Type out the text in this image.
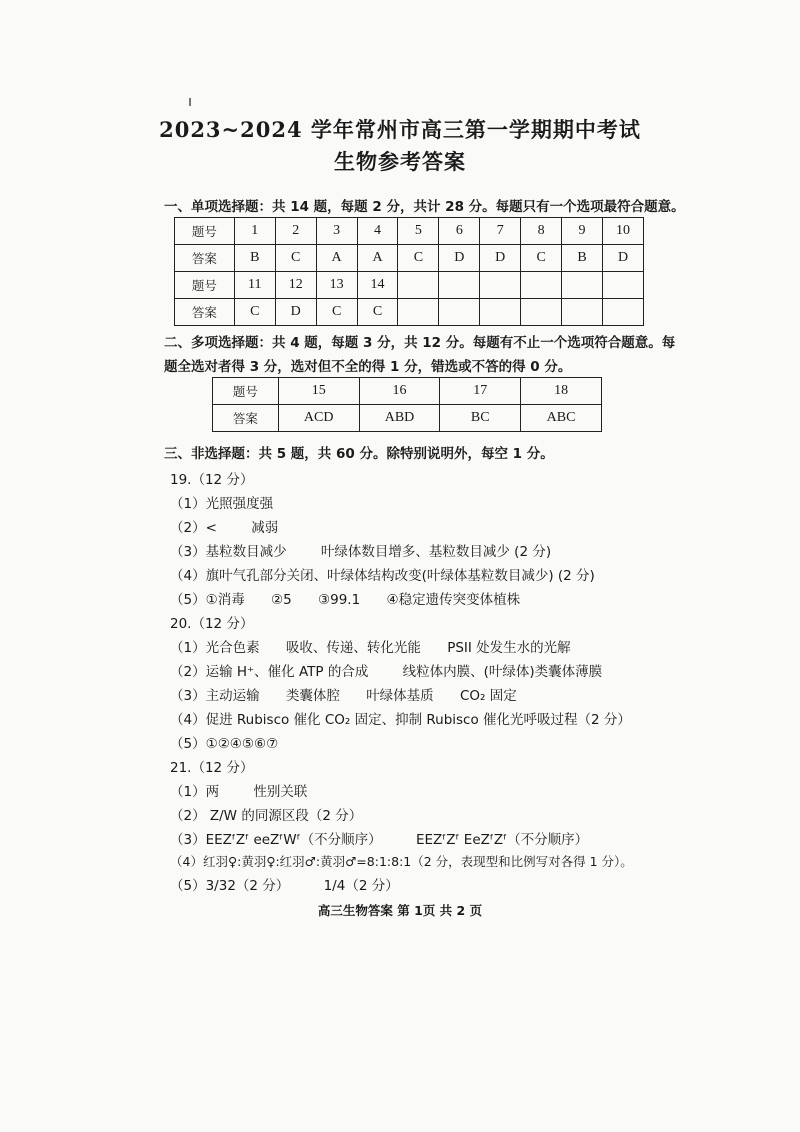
2023~2024 学年常州市高三第一学期期中考试
生物参考答案
一、单项选择题：共 14 题，每题 2 分，共计 28 分。每题只有一个选项最符合题意。
题号	1	2	3	4	5	6	7	8	9	10
答案	B	C	A	A	C	D	D	C	B	D
题号	11	12	13	14						
答案	C	D	C	C						
二、多项选择题：共 4 题，每题 3 分，共 12 分。每题有不止一个选项符合题意。每
题全选对者得 3 分，选对但不全的得 1 分，错选或不答的得 0 分。
题号	15	16	17	18
答案	ACD	ABD	BC	ABC
三、非选择题：共 5 题，共 60 分。除特别说明外，每空 1 分。
19.（12 分）
（1）光照强度强
（2）<	减弱
（3）基粒数目减少	叶绿体数目增多、基粒数目减少 (2 分)
（4）旗叶气孔部分关闭、叶绿体结构改变(叶绿体基粒数目减少) (2 分)
（5）①消毒 ②5 ③99.1 ④稳定遗传突变体植株
20.（12 分）
（1）光合色素 吸收、传递、转化光能 PSII 处发生水的光解
（2）运输 H⁺、催化 ATP 的合成	线粒体内膜、(叶绿体)类囊体薄膜
（3）主动运输 类囊体腔 叶绿体基质 CO₂ 固定
（4）促进 Rubisco 催化 CO₂ 固定、抑制 Rubisco 催化光呼吸过程（2 分）
（5）①②④⑤⑥⑦
21.（12 分）
（1）两	性别关联
（2） Z/W 的同源区段（2 分）
（3）EEZᶠZᶠ eeZᶠWᶠ（不分顺序）	EEZᶠZᶠ EeZᶠZᶠ（不分顺序）
（4）红羽♀:黄羽♀:红羽♂:黄羽♂=8:1:8:1（2 分，表现型和比例写对各得 1 分）。
（5）3/32（2 分）	1/4（2 分）
高三生物答案 第 1页 共 2 页
